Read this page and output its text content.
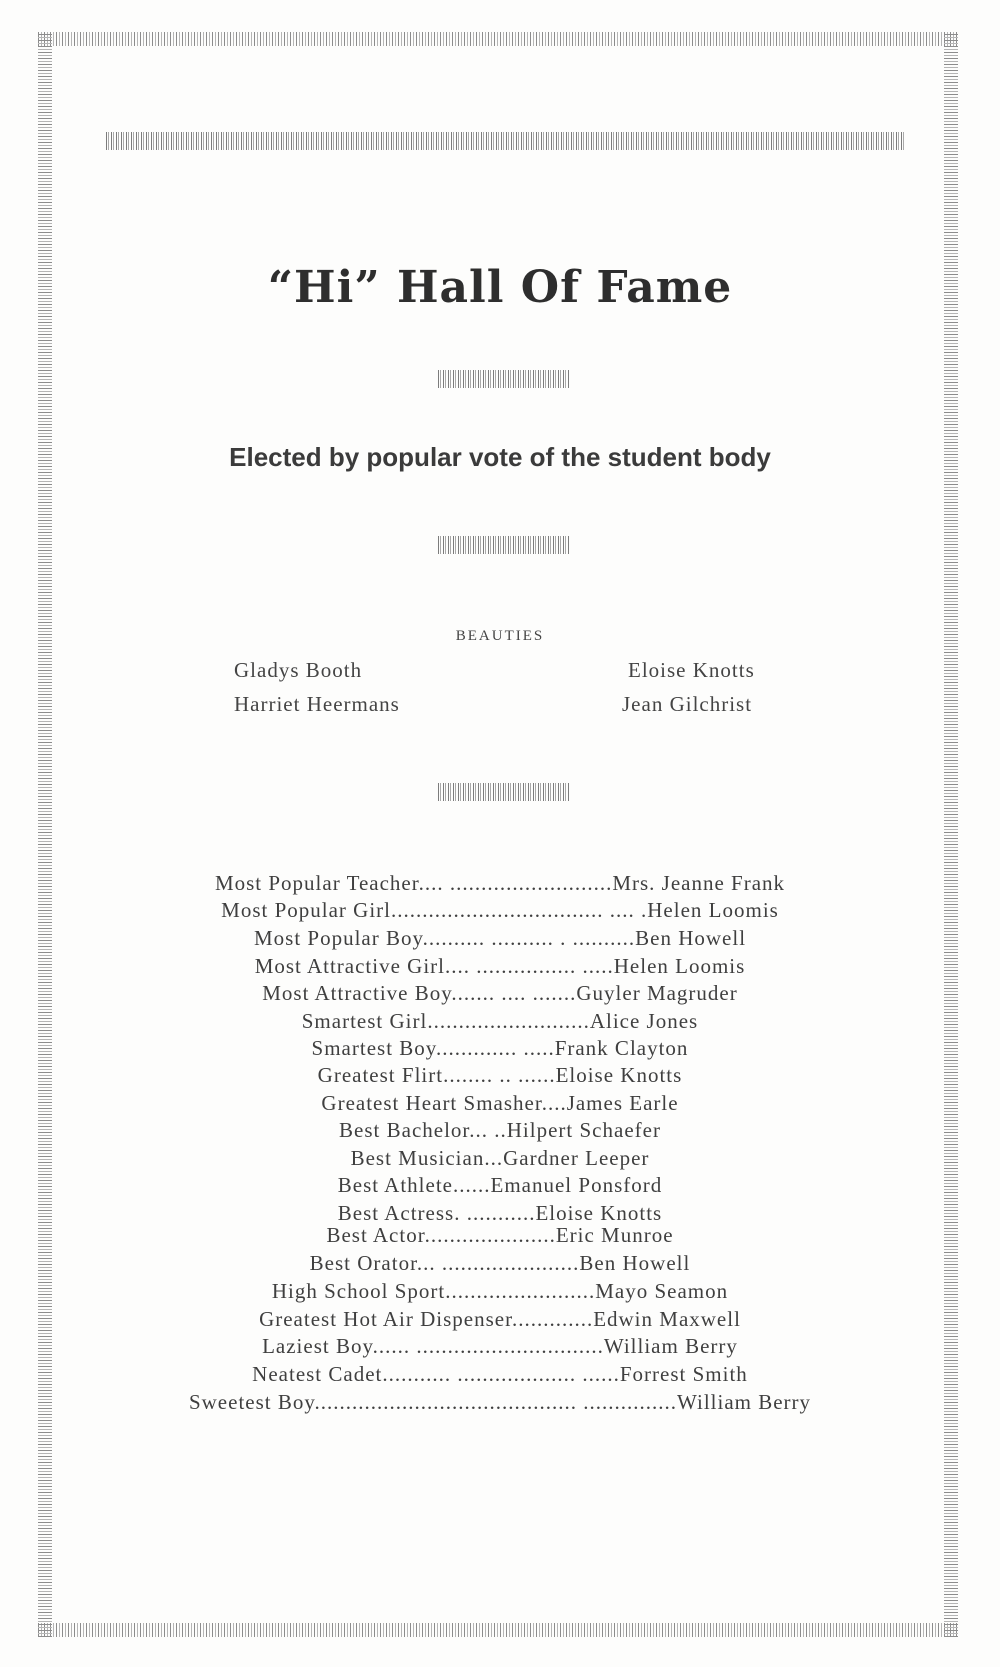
“Hi” Hall Of Fame
Elected by popular vote of the student body
BEAUTIES
Gladys Booth	Eloise Knotts
Harriet Heermans	Jean Gilchrist
Most Popular Teacher.... ..........................Mrs. Jeanne Frank
Most Popular Girl.................................. .... .Helen Loomis
Most Popular Boy.......... .......... . ..........Ben Howell
Most Attractive Girl.... ................ .....Helen Loomis
Most Attractive Boy....... .... .......Guyler Magruder
Smartest Girl..........................Alice Jones
Smartest Boy............. .....Frank Clayton
Greatest Flirt........ .. ......Eloise Knotts
Greatest Heart Smasher....James Earle
Best Bachelor... ..Hilpert Schaefer
Best Musician...Gardner Leeper
Best Athlete......Emanuel Ponsford
Best Actress. ...........Eloise Knotts
Best Actor.....................Eric Munroe
Best Orator... ......................Ben Howell
High School Sport........................Mayo Seamon
Greatest Hot Air Dispenser.............Edwin Maxwell
Laziest Boy...... ..............................William Berry
Neatest Cadet........... ................... ......Forrest Smith
Sweetest Boy.......................................... ...............William Berry
